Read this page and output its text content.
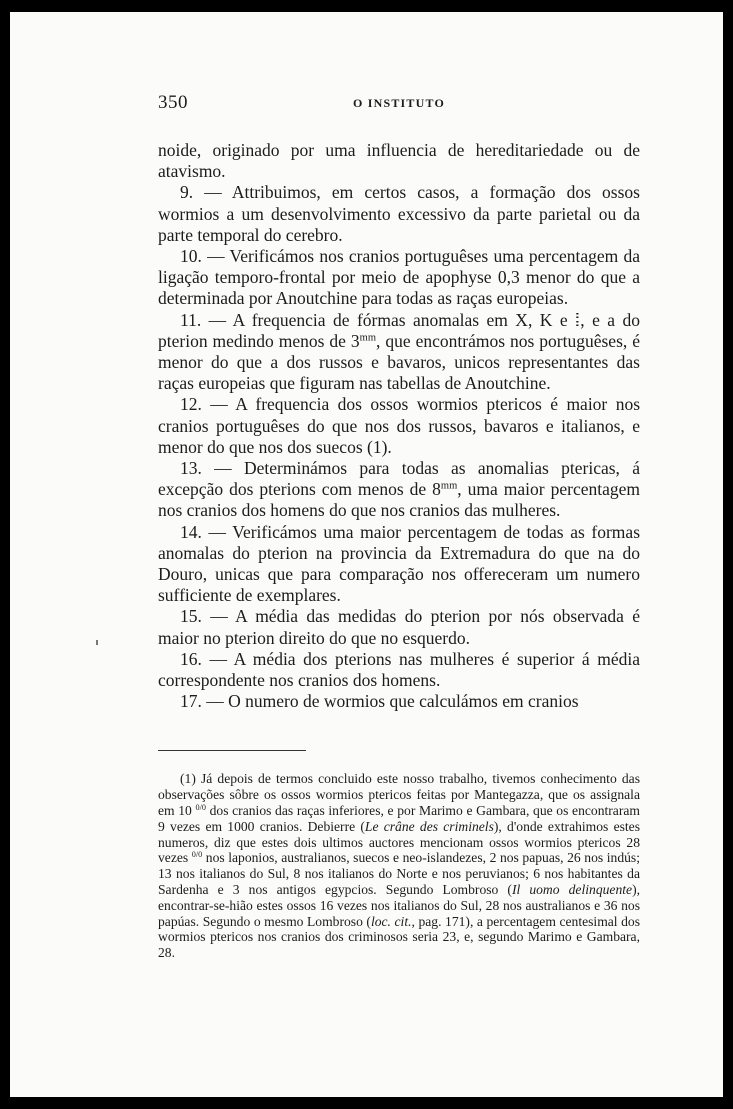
350	O INSTITUTO

noide, originado por uma influencia de hereditariedade ou de atavismo.

9. — Attribuimos, em certos casos, a formação dos ossos wormios a um desenvolvimento excessivo da parte parietal ou da parte temporal do cerebro.

10. — Verificámos nos cranios portuguêses uma percentagem da ligação temporo-frontal por meio de apophyse 0,3 menor do que a determinada por Anoutchine para todas as raças europeias.

11. — A frequencia de fórmas anomalas em X, K e ⵂ, e a do pterion medindo menos de $3^{mm}$, que encontrámos nos portuguêses, é menor do que a dos russos e bavaros, unicos representantes das raças europeias que figuram nas tabellas de Anoutchine.

12. — A frequencia dos ossos wormios ptericos é maior nos cranios portuguêses do que nos dos russos, bavaros e italianos, e menor do que nos dos suecos (1).

13. — Determinámos para todas as anomalias ptericas, á excepção dos pterions com menos de $8^{mm}$, uma maior percentagem nos cranios dos homens do que nos cranios das mulheres.

14. — Verificámos uma maior percentagem de todas as formas anomalas do pterion na provincia da Extremadura do que na do Douro, unicas que para comparação nos offereceram um numero sufficiente de exemplares.

15. — A média das medidas do pterion por nós observada é maior no pterion direito do que no esquerdo.

16. — A média dos pterions nas mulheres é superior á média correspondente nos cranios dos homens.

17. — O numero de wormios que calculámos em cranios

(1) Já depois de termos concluido este nosso trabalho, tivemos conhecimento das observações sôbre os ossos wormios ptericos feitas por Mantegazza, que os assignala em 10 $^{0/0}$ dos cranios das raças inferiores, e por Marimo e Gambara, que os encontraram 9 vezes em 1000 cranios. Debierre (Le crâne des criminels), d'onde extrahimos estes numeros, diz que estes dois ultimos auctores mencionam ossos wormios ptericos 28 vezes $^{0/0}$ nos laponios, australianos, suecos e neo-islandezes, 2 nos papuas, 26 nos indús; 13 nos italianos do Sul, 8 nos italianos do Norte e nos peruvianos; 6 nos habitantes da Sardenha e 3 nos antigos egypcios. Segundo Lombroso (Il uomo delinquente), encontrar-se-hião estes ossos 16 vezes nos italianos do Sul, 28 nos australianos e 36 nos papúas. Segundo o mesmo Lombroso (loc. cit., pag. 171), a percentagem centesimal dos wormios ptericos nos cranios dos criminosos seria 23, e, segundo Marimo e Gambara, 28.
